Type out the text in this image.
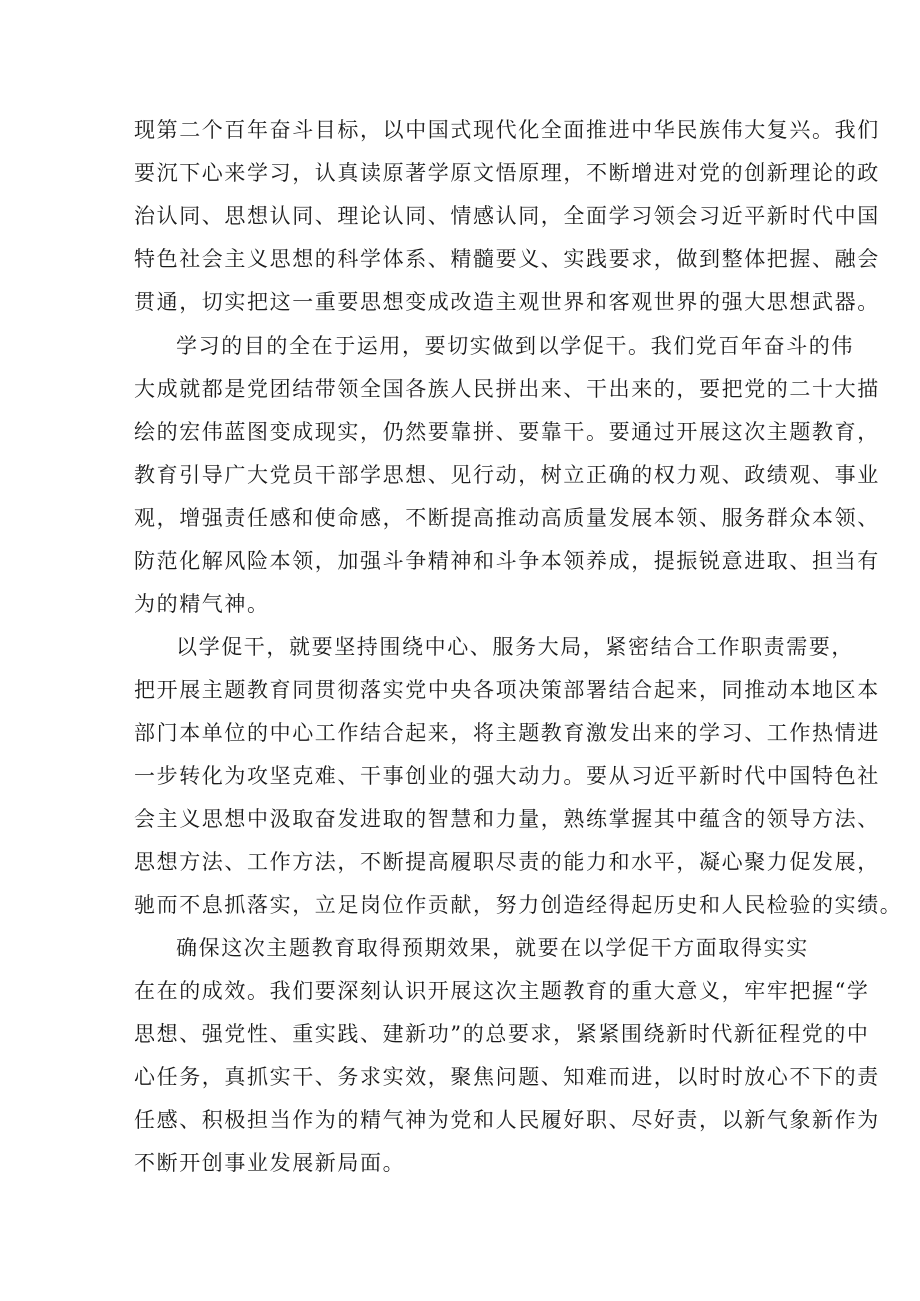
现第二个百年奋斗目标，以中国式现代化全面推进中华民族伟大复兴。我们
要沉下心来学习，认真读原著学原文悟原理，不断增进对党的创新理论的政
治认同、思想认同、理论认同、情感认同，全面学习领会习近平新时代中国
特色社会主义思想的科学体系、精髓要义、实践要求，做到整体把握、融会
贯通，切实把这一重要思想变成改造主观世界和客观世界的强大思想武器。
学习的目的全在于运用，要切实做到以学促干。我们党百年奋斗的伟
大成就都是党团结带领全国各族人民拼出来、干出来的，要把党的二十大描
绘的宏伟蓝图变成现实，仍然要靠拼、要靠干。要通过开展这次主题教育，
教育引导广大党员干部学思想、见行动，树立正确的权力观、政绩观、事业
观，增强责任感和使命感，不断提高推动高质量发展本领、服务群众本领、
防范化解风险本领，加强斗争精神和斗争本领养成，提振锐意进取、担当有
为的精气神。
以学促干，就要坚持围绕中心、服务大局，紧密结合工作职责需要，
把开展主题教育同贯彻落实党中央各项决策部署结合起来，同推动本地区本
部门本单位的中心工作结合起来，将主题教育激发出来的学习、工作热情进
一步转化为攻坚克难、干事创业的强大动力。要从习近平新时代中国特色社
会主义思想中汲取奋发进取的智慧和力量，熟练掌握其中蕴含的领导方法、
思想方法、工作方法，不断提高履职尽责的能力和水平，凝心聚力促发展，
驰而不息抓落实，立足岗位作贡献，努力创造经得起历史和人民检验的实绩。
确保这次主题教育取得预期效果，就要在以学促干方面取得实实
在在的成效。我们要深刻认识开展这次主题教育的重大意义，牢牢把握“学
思想、强党性、重实践、建新功”的总要求，紧紧围绕新时代新征程党的中
心任务，真抓实干、务求实效，聚焦问题、知难而进，以时时放心不下的责
任感、积极担当作为的精气神为党和人民履好职、尽好责，以新气象新作为
不断开创事业发展新局面。
